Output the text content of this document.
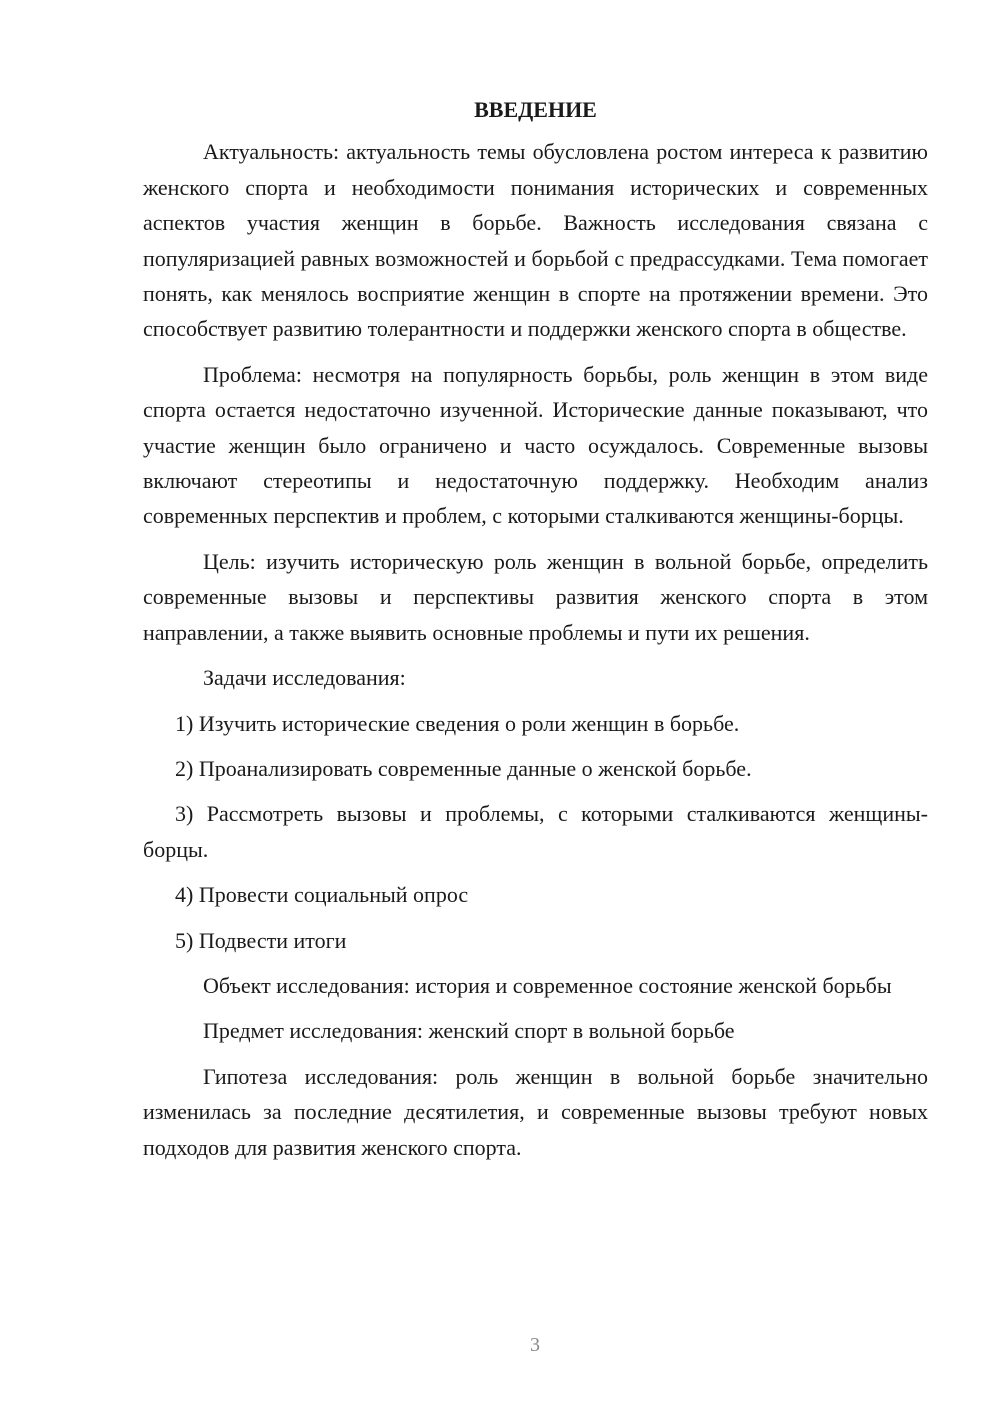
ВВЕДЕНИЕ

Актуальность: актуальность темы обусловлена ростом интереса к развитию женского спорта и необходимости понимания исторических и современных аспектов участия женщин в борьбе. Важность исследования связана с популяризацией равных возможностей и борьбой с предрассудками. Тема помогает понять, как менялось восприятие женщин в спорте на протяжении времени. Это способствует развитию толерантности и поддержки женского спорта в обществе.

Проблема: несмотря на популярность борьбы, роль женщин в этом виде спорта остается недостаточно изученной. Исторические данные показывают, что участие женщин было ограничено и часто осуждалось. Современные вызовы включают стереотипы и недостаточную поддержку. Необходим анализ современных перспектив и проблем, с которыми сталкиваются женщины-борцы.

Цель: изучить историческую роль женщин в вольной борьбе, определить современные вызовы и перспективы развития женского спорта в этом направлении, а также выявить основные проблемы и пути их решения.

Задачи исследования:

1) Изучить исторические сведения о роли женщин в борьбе.

2) Проанализировать современные данные о женской борьбе.

3) Рассмотреть вызовы и проблемы, с которыми сталкиваются женщины-борцы.

4) Провести социальный опрос

5) Подвести итоги

Объект исследования: история и современное состояние женской борьбы

Предмет исследования: женский спорт в вольной борьбе

Гипотеза исследования: роль женщин в вольной борьбе значительно изменилась за последние десятилетия, и современные вызовы требуют новых подходов для развития женского спорта.

3
